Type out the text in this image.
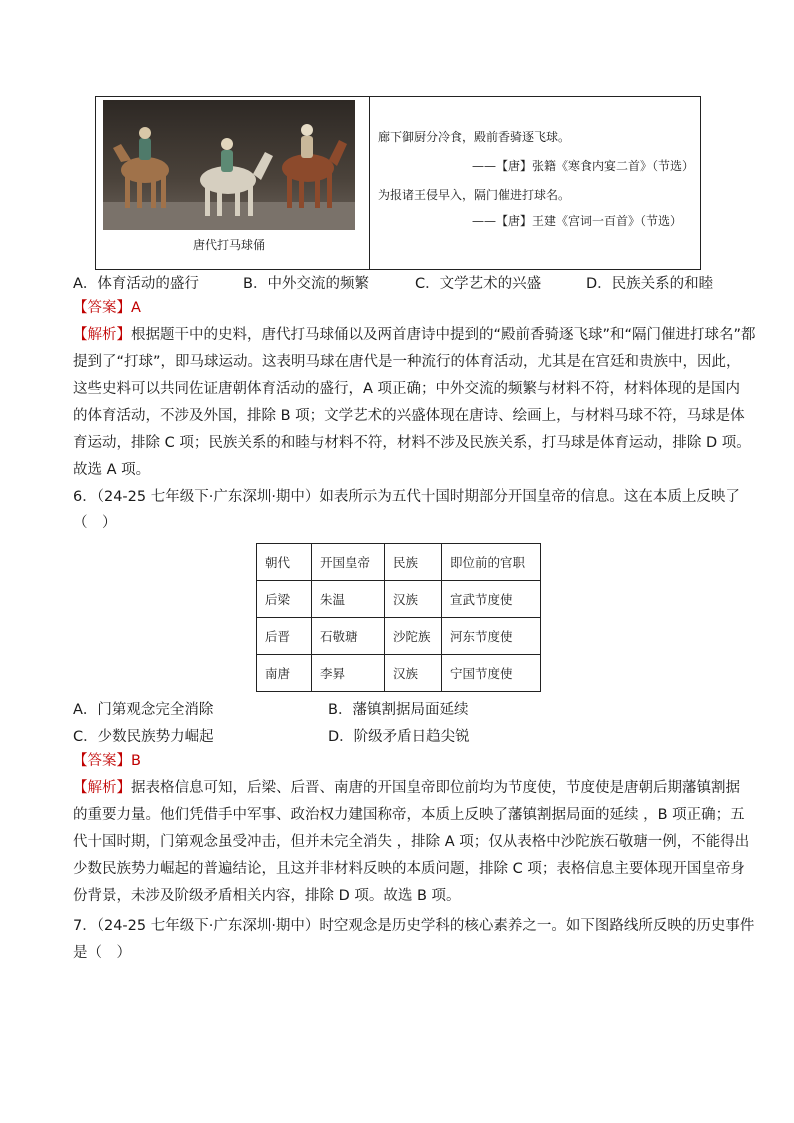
唐代打马球俑
廊下御厨分冷食，殿前香骑逐飞球。
——【唐】张籍《寒食内宴二首》（节选）
为报诸王侵早入，隔门催进打球名。
——【唐】王建《宫词一百首》（节选）
A．体育活动的盛行	B．中外交流的频繁	C．文学艺术的兴盛	D．民族关系的和睦
【答案】A
【解析】根据题干中的史料，唐代打马球俑以及两首唐诗中提到的“殿前香骑逐飞球”和“隔门催进打球名”都
提到了“打球”，即马球运动。这表明马球在唐代是一种流行的体育活动，尤其是在宫廷和贵族中，因此，
这些史料可以共同佐证唐朝体育活动的盛行，A 项正确；中外交流的频繁与材料不符，材料体现的是国内
的体育活动，不涉及外国，排除 B 项；文学艺术的兴盛体现在唐诗、绘画上，与材料马球不符，马球是体
育运动，排除 C 项；民族关系的和睦与材料不符，材料不涉及民族关系，打马球是体育运动，排除 D 项。
故选 A 项。
6．（24-25 七年级下·广东深圳·期中）如表所示为五代十国时期部分开国皇帝的信息。这在本质上反映了
（　）
朝代	开国皇帝	民族	即位前的官职
后梁	朱温	汉族	宣武节度使
后晋	石敬瑭	沙陀族	河东节度使
南唐	李昪	汉族	宁国节度使
A．门第观念完全消除	B．藩镇割据局面延续
C．少数民族势力崛起	D．阶级矛盾日趋尖锐
【答案】B
【解析】据表格信息可知，后梁、后晋、南唐的开国皇帝即位前均为节度使，节度使是唐朝后期藩镇割据
的重要力量。他们凭借手中军事、政治权力建国称帝，本质上反映了藩镇割据局面的延续 ，B 项正确；五
代十国时期，门第观念虽受冲击，但并未完全消失 ，排除 A 项；仅从表格中沙陀族石敬瑭一例，不能得出
少数民族势力崛起的普遍结论，且这并非材料反映的本质问题，排除 C 项；表格信息主要体现开国皇帝身
份背景，未涉及阶级矛盾相关内容，排除 D 项。故选 B 项。
7．（24-25 七年级下·广东深圳·期中）时空观念是历史学科的核心素养之一。如下图路线所反映的历史事件
是（　）
